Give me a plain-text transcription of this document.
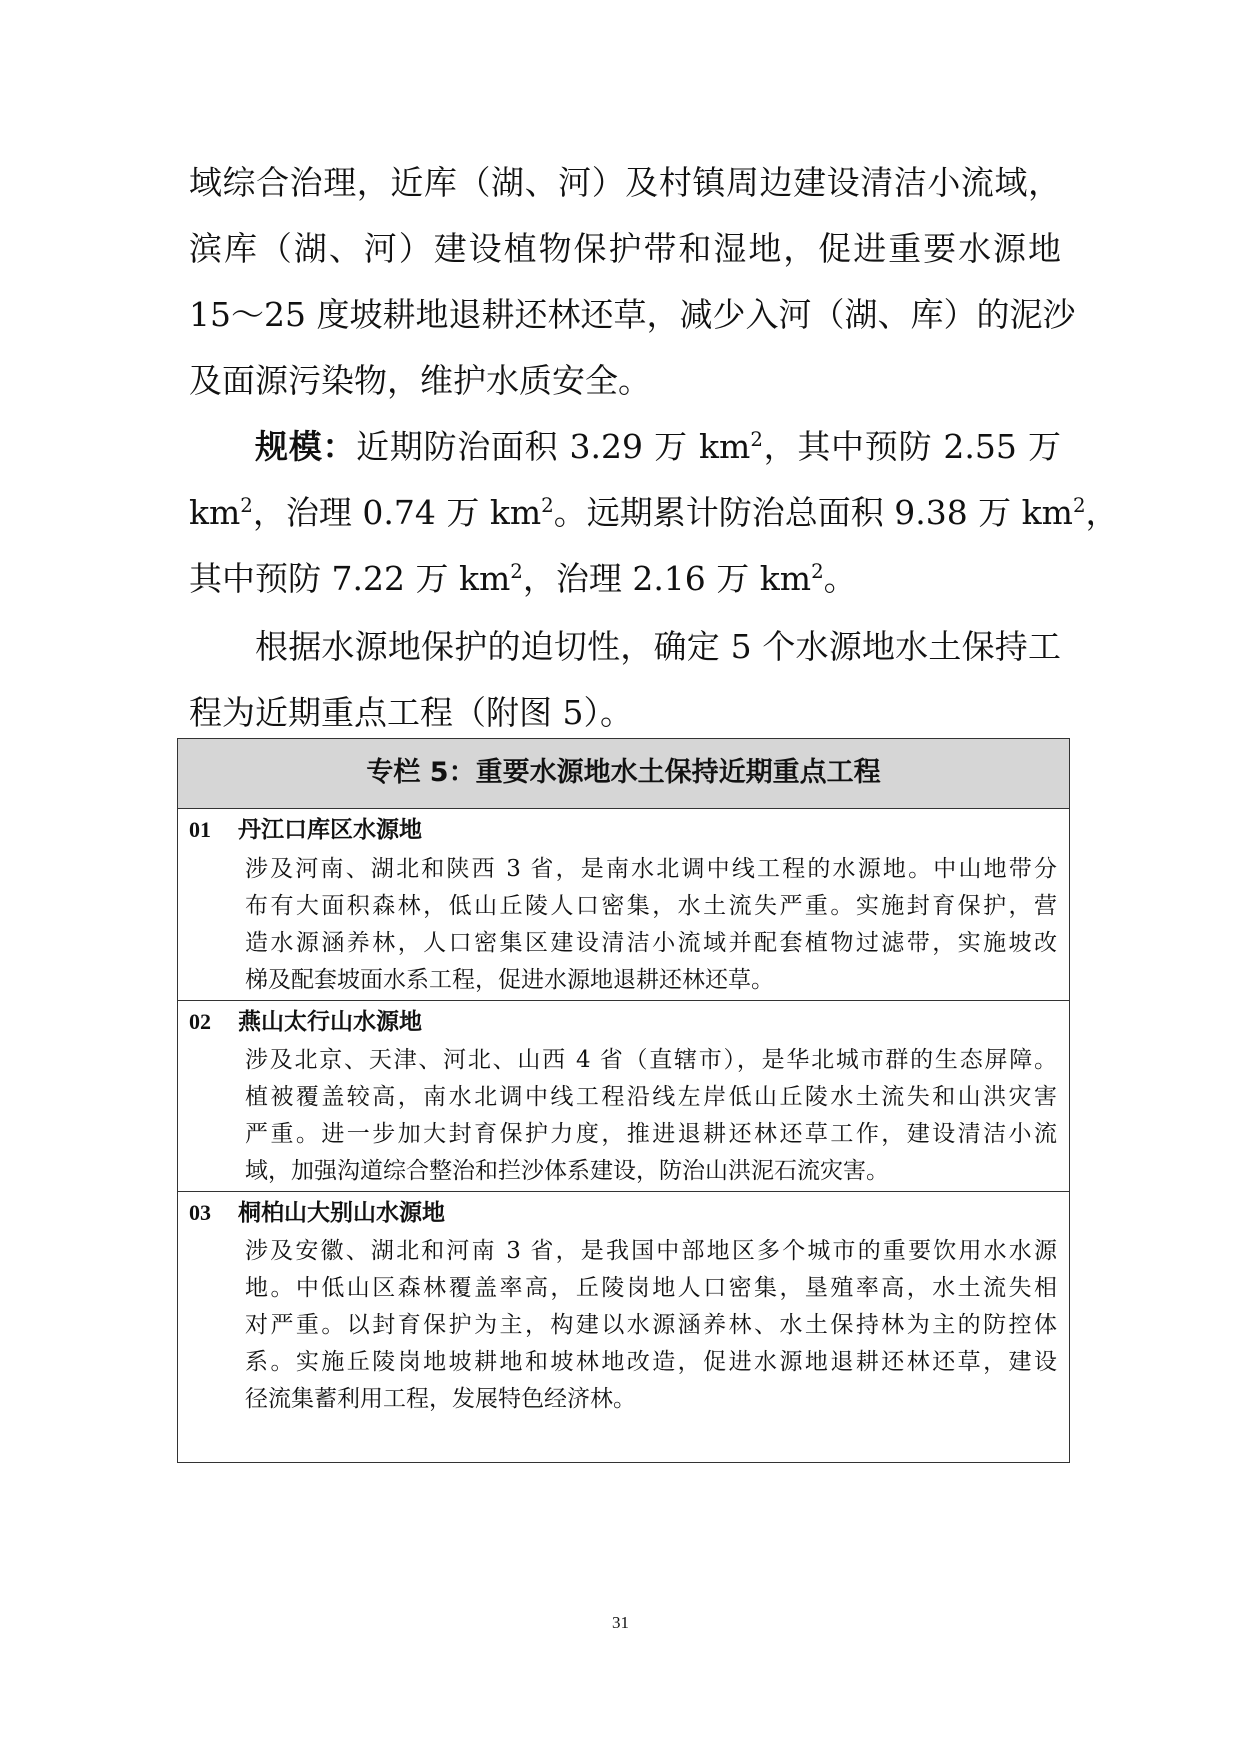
域综合治理，近库（湖、河）及村镇周边建设清洁小流域，
滨库（湖、河）建设植物保护带和湿地，促进重要水源地
15～25 度坡耕地退耕还林还草，减少入河（湖、库）的泥沙
及面源污染物，维护水质安全。
规模：近期防治面积 3.29 万 $km^2$，其中预防 2.55 万
$km^2$，治理 0.74 万 $km^2$。远期累计防治总面积 9.38 万 $km^2$，
其中预防 7.22 万 $km^2$，治理 2.16 万 $km^2$。
根据水源地保护的迫切性，确定 5 个水源地水土保持工
程为近期重点工程（附图 5）。
专栏 5：重要水源地水土保持近期重点工程
01 丹江口库区水源地
涉及河南、湖北和陕西 3 省，是南水北调中线工程的水源地。中山地带分
布有大面积森林，低山丘陵人口密集，水土流失严重。实施封育保护，营
造水源涵养林，人口密集区建设清洁小流域并配套植物过滤带，实施坡改
梯及配套坡面水系工程，促进水源地退耕还林还草。
02 燕山太行山水源地
涉及北京、天津、河北、山西 4 省（直辖市），是华北城市群的生态屏障。
植被覆盖较高，南水北调中线工程沿线左岸低山丘陵水土流失和山洪灾害
严重。进一步加大封育保护力度，推进退耕还林还草工作，建设清洁小流
域，加强沟道综合整治和拦沙体系建设，防治山洪泥石流灾害。
03 桐柏山大别山水源地
涉及安徽、湖北和河南 3 省，是我国中部地区多个城市的重要饮用水水源
地。中低山区森林覆盖率高，丘陵岗地人口密集，垦殖率高，水土流失相
对严重。以封育保护为主，构建以水源涵养林、水土保持林为主的防控体
系。实施丘陵岗地坡耕地和坡林地改造，促进水源地退耕还林还草，建设
径流集蓄利用工程，发展特色经济林。
31
